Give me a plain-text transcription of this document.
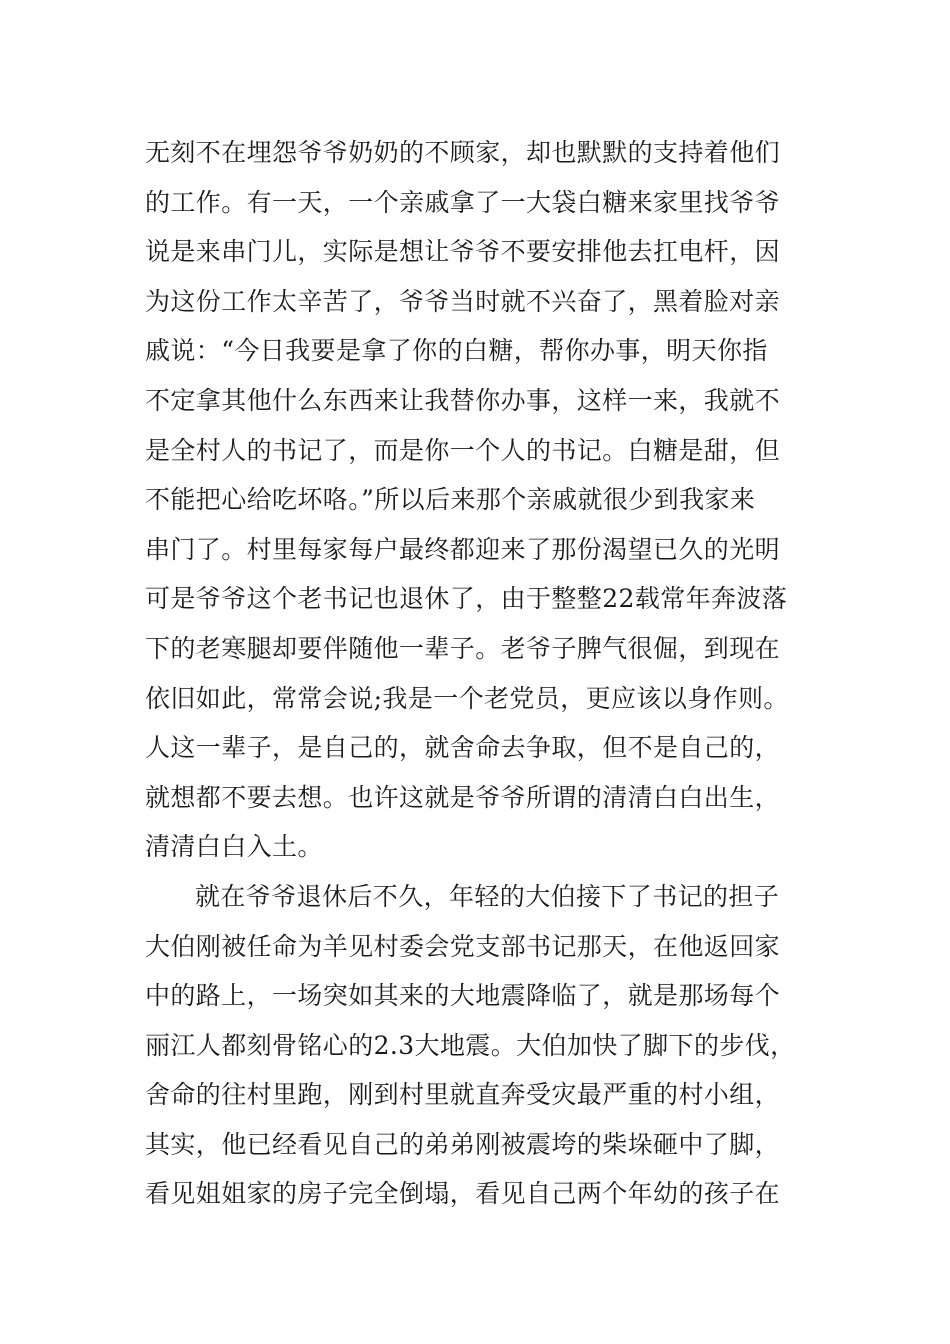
无刻不在埋怨爷爷奶奶的不顾家，却也默默的支持着他们
的工作。有一天，一个亲戚拿了一大袋白糖来家里找爷爷
说是来串门儿，实际是想让爷爷不要安排他去扛电杆，因
为这份工作太辛苦了，爷爷当时就不兴奋了，黑着脸对亲
戚说：“今日我要是拿了你的白糖，帮你办事，明天你指
不定拿其他什么东西来让我替你办事，这样一来，我就不
是全村人的书记了，而是你一个人的书记。白糖是甜，但
不能把心给吃坏咯。”所以后来那个亲戚就很少到我家来
串门了。村里每家每户最终都迎来了那份渴望已久的光明
可是爷爷这个老书记也退休了，由于整整22载常年奔波落
下的老寒腿却要伴随他一辈子。老爷子脾气很倔，到现在
依旧如此，常常会说;我是一个老党员，更应该以身作则。
人这一辈子，是自己的，就舍命去争取，但不是自己的，
就想都不要去想。也许这就是爷爷所谓的清清白白出生，
清清白白入土。
就在爷爷退休后不久，年轻的大伯接下了书记的担子
大伯刚被任命为羊见村委会党支部书记那天，在他返回家
中的路上，一场突如其来的大地震降临了，就是那场每个
丽江人都刻骨铭心的2.3大地震。大伯加快了脚下的步伐，
舍命的往村里跑，刚到村里就直奔受灾最严重的村小组，
其实，他已经看见自己的弟弟刚被震垮的柴垛砸中了脚，
看见姐姐家的房子完全倒塌，看见自己两个年幼的孩子在
